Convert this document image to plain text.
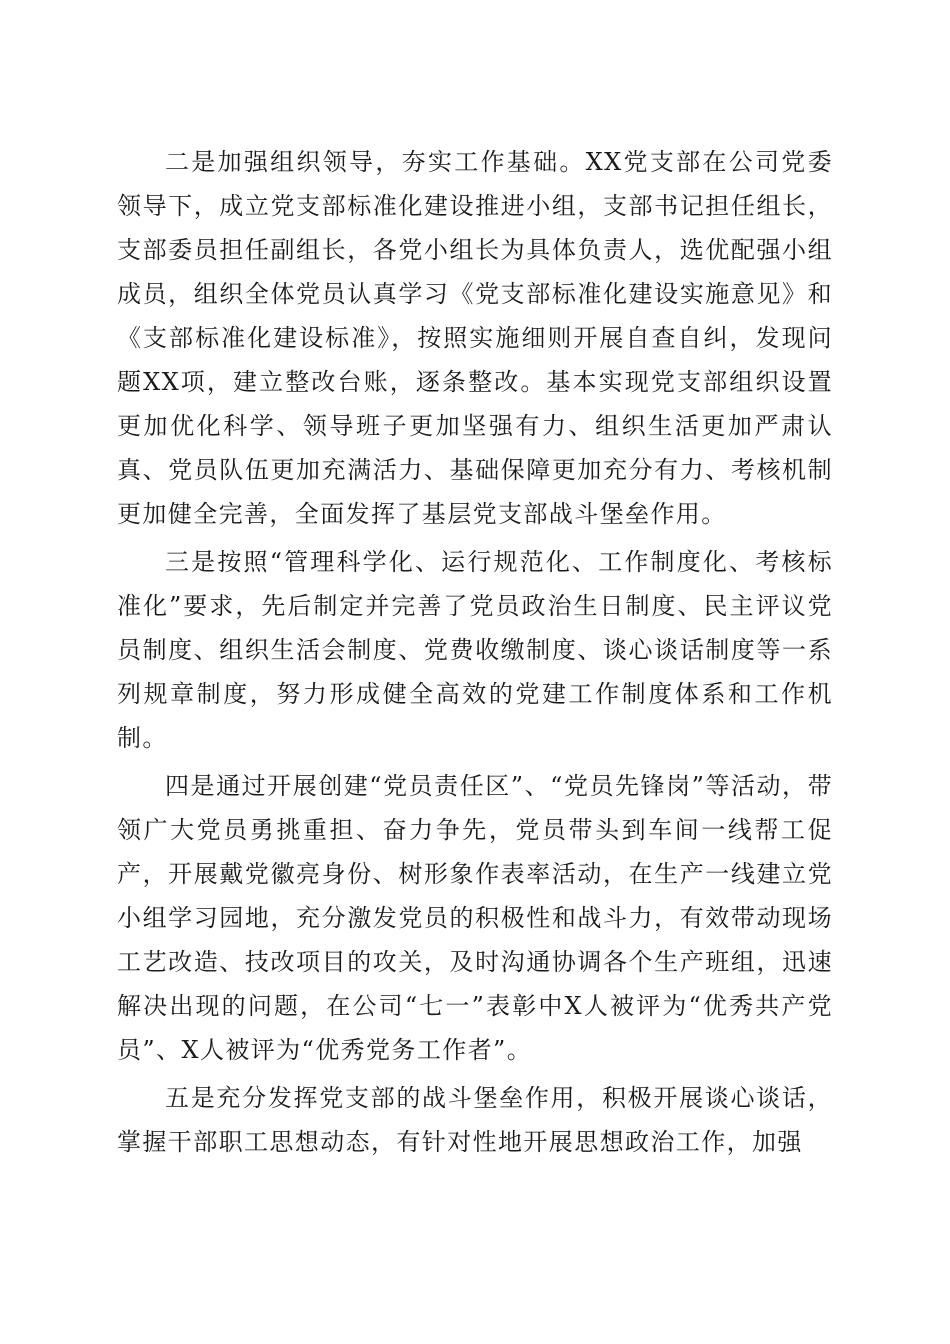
二是加强组织领导，夯实工作基础。XX党支部在公司党委领导下，成立党支部标准化建设推进小组，支部书记担任组长，支部委员担任副组长，各党小组长为具体负责人，选优配强小组成员，组织全体党员认真学习《党支部标准化建设实施意见》和《支部标准化建设标准》，按照实施细则开展自查自纠，发现问题XX项，建立整改台账，逐条整改。基本实现党支部组织设置更加优化科学、领导班子更加坚强有力、组织生活更加严肃认真、党员队伍更加充满活力、基础保障更加充分有力、考核机制更加健全完善，全面发挥了基层党支部战斗堡垒作用。

三是按照“管理科学化、运行规范化、工作制度化、考核标准化”要求，先后制定并完善了党员政治生日制度、民主评议党员制度、组织生活会制度、党费收缴制度、谈心谈话制度等一系列规章制度，努力形成健全高效的党建工作制度体系和工作机制。

四是通过开展创建“党员责任区”、“党员先锋岗”等活动，带领广大党员勇挑重担、奋力争先，党员带头到车间一线帮工促产，开展戴党徽亮身份、树形象作表率活动，在生产一线建立党小组学习园地，充分激发党员的积极性和战斗力，有效带动现场工艺改造、技改项目的攻关，及时沟通协调各个生产班组，迅速解决出现的问题，在公司“七一”表彰中X人被评为“优秀共产党员”、X人被评为“优秀党务工作者”。

五是充分发挥党支部的战斗堡垒作用，积极开展谈心谈话，掌握干部职工思想动态，有针对性地开展思想政治工作，加强
